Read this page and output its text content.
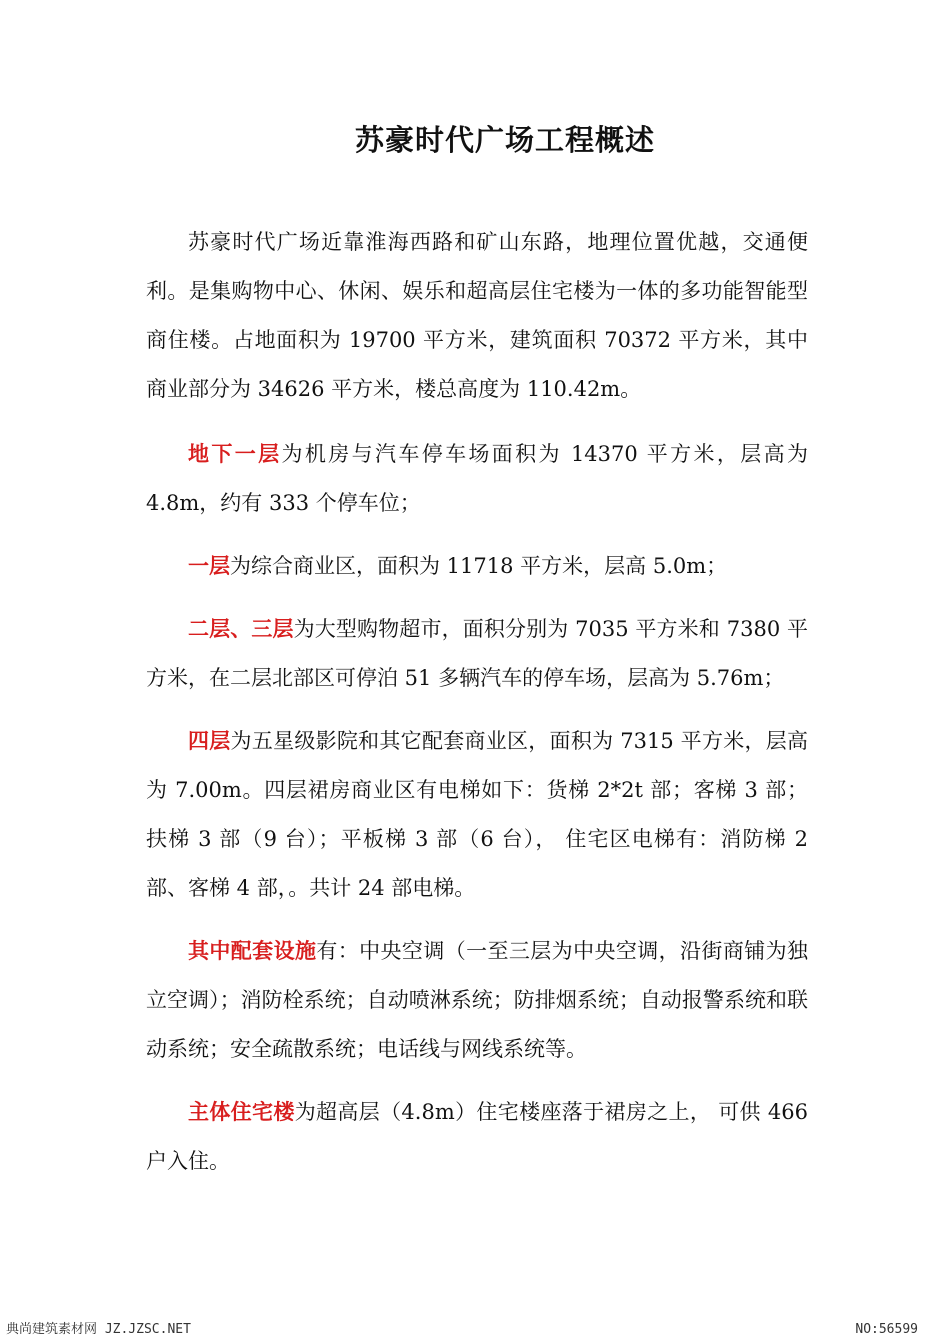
苏豪时代广场工程概述

苏豪时代广场近靠淮海西路和矿山东路，地理位置优越，交通便利。是集购物中心、休闲、娱乐和超高层住宅楼为一体的多功能智能型商住楼。占地面积为 19700 平方米，建筑面积 70372 平方米，其中商业部分为 34626 平方米，楼总高度为 110.42m。

地下一层为机房与汽车停车场面积为 14370 平方米，层高为 4.8m，约有 333 个停车位；

一层为综合商业区，面积为 11718 平方米，层高 5.0m；

二层、三层为大型购物超市，面积分别为 7035 平方米和 7380 平方米，在二层北部区可停泊 51 多辆汽车的停车场，层高为 5.76m；

四层为五星级影院和其它配套商业区，面积为 7315 平方米，层高为 7.00m。四层裙房商业区有电梯如下：货梯 2*2t 部；客梯 3 部；扶梯 3 部（9 台）；平板梯 3 部（6 台）， 住宅区电梯有：消防梯 2 部、客梯 4 部，。共计 24 部电梯。

其中配套设施有：中央空调（一至三层为中央空调，沿街商铺为独立空调）；消防栓系统；自动喷淋系统；防排烟系统；自动报警系统和联动系统；安全疏散系统；电话线与网线系统等。

主体住宅楼为超高层（4.8m）住宅楼座落于裙房之上， 可供 466 户入住。

典尚建筑素材网 JZ.JZSC.NET	NO:56599
